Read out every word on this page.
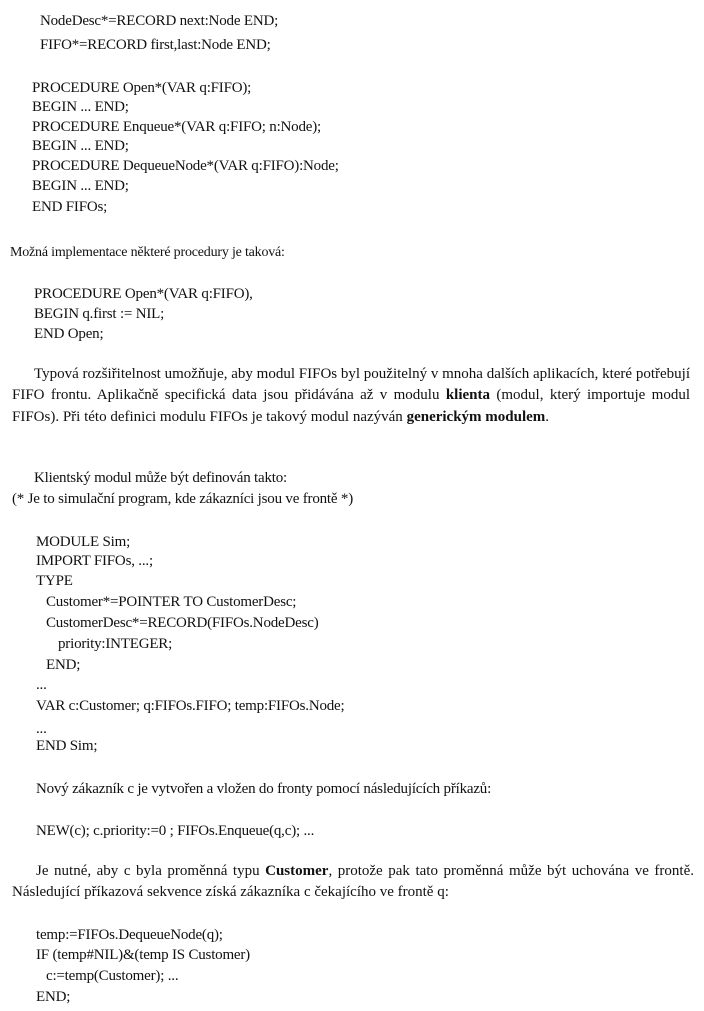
NodeDesc*=RECORD next:Node END;
FIFO*=RECORD first,last:Node END;
PROCEDURE Open*(VAR q:FIFO);
BEGIN ... END;
PROCEDURE Enqueue*(VAR q:FIFO; n:Node);
BEGIN ... END;
PROCEDURE DequeueNode*(VAR q:FIFO):Node;
BEGIN ... END;
END FIFOs;
Možná implementace některé procedury je taková:
PROCEDURE Open*(VAR q:FIFO),
BEGIN q.first := NIL;
END Open;
Typová rozšiřitelnost umožňuje, aby modul FIFOs byl použitelný v mnoha dalších aplikacích, které potřebují FIFO frontu. Aplikačně specifická data jsou přidávána až v modulu klienta (modul, který importuje modul FIFOs). Při této definici modulu FIFOs je takový modul nazýván generickým modulem.
Klientský modul může být definován takto:
(* Je to simulační program, kde zákazníci jsou ve frontě *)
MODULE Sim;
IMPORT FIFOs, ...;
TYPE
Customer*=POINTER TO CustomerDesc;
CustomerDesc*=RECORD(FIFOs.NodeDesc)
priority:INTEGER;
END;
...
VAR c:Customer; q:FIFOs.FIFO; temp:FIFOs.Node;
...
END Sim;
Nový zákazník c je vytvořen a vložen do fronty pomocí následujících příkazů:
NEW(c); c.priority:=0 ; FIFOs.Enqueue(q,c); ...
Je nutné, aby c byla proměnná typu Customer, protože pak tato proměnná může být uchována ve frontě. Následující příkazová sekvence získá zákazníka c čekajícího ve frontě q:
temp:=FIFOs.DequeueNode(q);
IF (temp#NIL)&(temp IS Customer)
c:=temp(Customer); ...
END;
